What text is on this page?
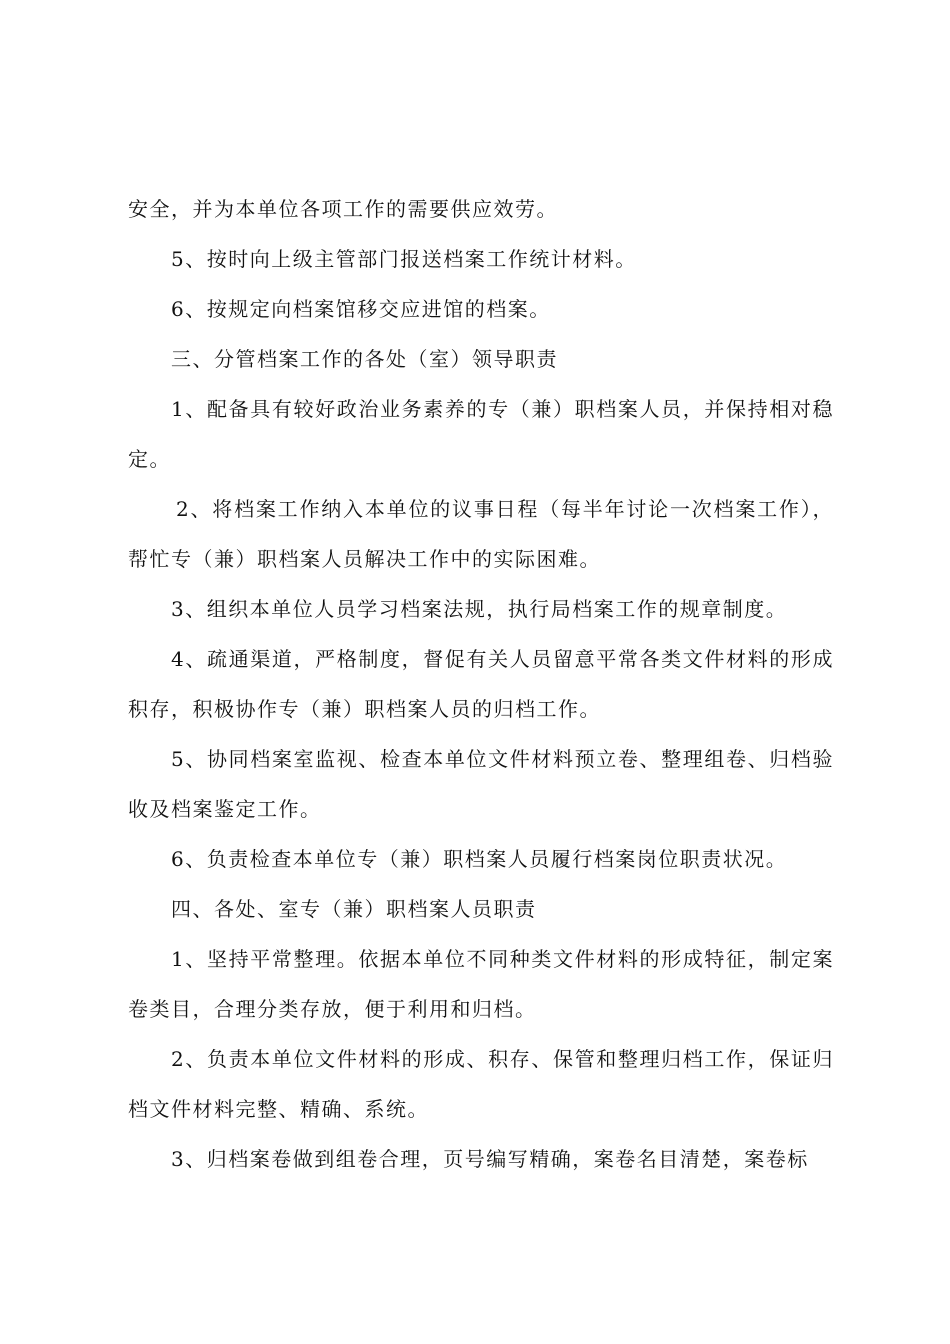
安全，并为本单位各项工作的需要供应效劳。

5、按时向上级主管部门报送档案工作统计材料。

6、按规定向档案馆移交应进馆的档案。

三、分管档案工作的各处（室）领导职责

1、配备具有较好政治业务素养的专（兼）职档案人员，并保持相对稳定。

2、将档案工作纳入本单位的议事日程（每半年讨论一次档案工作），帮忙专（兼）职档案人员解决工作中的实际困难。

3、组织本单位人员学习档案法规，执行局档案工作的规章制度。

4、疏通渠道，严格制度，督促有关人员留意平常各类文件材料的形成积存，积极协作专（兼）职档案人员的归档工作。

5、协同档案室监视、检查本单位文件材料预立卷、整理组卷、归档验收及档案鉴定工作。

6、负责检查本单位专（兼）职档案人员履行档案岗位职责状况。

四、各处、室专（兼）职档案人员职责

1、坚持平常整理。依据本单位不同种类文件材料的形成特征，制定案卷类目，合理分类存放，便于利用和归档。

2、负责本单位文件材料的形成、积存、保管和整理归档工作，保证归档文件材料完整、精确、系统。

3、归档案卷做到组卷合理，页号编写精确，案卷名目清楚，案卷标
